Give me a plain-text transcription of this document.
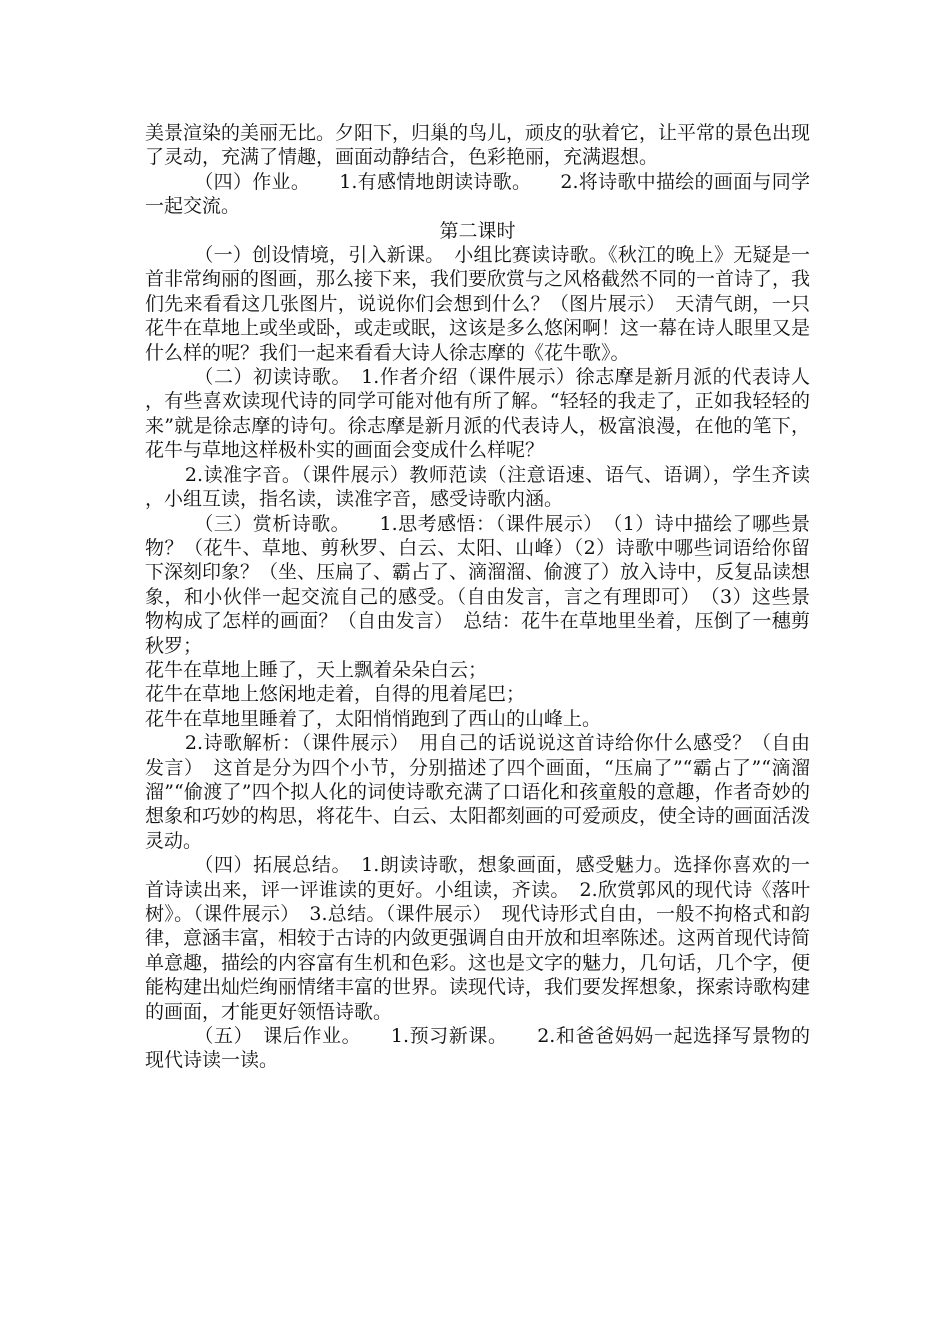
美景渲染的美丽无比。夕阳下，归巢的鸟儿，顽皮的驮着它，让平常的景色出现了灵动，充满了情趣，画面动静结合，色彩艳丽，充满遐想。

（四）作业。　　1.有感情地朗读诗歌。　　2.将诗歌中描绘的画面与同学一起交流。

第二课时

（一）创设情境，引入新课。　小组比赛读诗歌。《秋江的晚上》无疑是一首非常绚丽的图画，那么接下来，我们要欣赏与之风格截然不同的一首诗了，我们先来看看这几张图片，说说你们会想到什么？（图片展示）　天清气朗，一只花牛在草地上或坐或卧，或走或眠，这该是多么悠闲啊！这一幕在诗人眼里又是什么样的呢？我们一起来看看大诗人徐志摩的《花牛歌》。

（二）初读诗歌。　1.作者介绍（课件展示）徐志摩是新月派的代表诗人，有些喜欢读现代诗的同学可能对他有所了解。“轻轻的我走了，正如我轻轻的来”就是徐志摩的诗句。徐志摩是新月派的代表诗人，极富浪漫，在他的笔下，花牛与草地这样极朴实的画面会变成什么样呢？

2.读准字音。（课件展示）教师范读（注意语速、语气、语调），学生齐读，小组互读，指名读，读准字音，感受诗歌内涵。

（三）赏析诗歌。　　1.思考感悟：（课件展示）　（1）诗中描绘了哪些景物？（花牛、草地、剪秋罗、白云、太阳、山峰）（2）诗歌中哪些词语给你留下深刻印象？（坐、压扁了、霸占了、滴溜溜、偷渡了）放入诗中，反复品读想象，和小伙伴一起交流自己的感受。（自由发言，言之有理即可）　（3）这些景物构成了怎样的画面？（自由发言）　总结：花牛在草地里坐着，压倒了一穗剪秋罗；

花牛在草地上睡了，天上飘着朵朵白云；

花牛在草地上悠闲地走着，自得的甩着尾巴；

花牛在草地里睡着了，太阳悄悄跑到了西山的山峰上。

2.诗歌解析：（课件展示）　用自己的话说说这首诗给你什么感受？（自由发言）　这首是分为四个小节，分别描述了四个画面，“压扁了”“霸占了”“滴溜溜”“偷渡了”四个拟人化的词使诗歌充满了口语化和孩童般的意趣，作者奇妙的想象和巧妙的构思，将花牛、白云、太阳都刻画的可爱顽皮，使全诗的画面活泼灵动。

（四）拓展总结。　1.朗读诗歌，想象画面，感受魅力。选择你喜欢的一首诗读出来，评一评谁读的更好。小组读，齐读。　2.欣赏郭风的现代诗《落叶树》。（课件展示）　3.总结。（课件展示）　现代诗形式自由，一般不拘格式和韵律，意涵丰富，相较于古诗的内敛更强调自由开放和坦率陈述。这两首现代诗简单意趣，描绘的内容富有生机和色彩。这也是文字的魅力，几句话，几个字，便能构建出灿烂绚丽情绪丰富的世界。读现代诗，我们要发挥想象，探索诗歌构建的画面，才能更好领悟诗歌。

（五）　课后作业。　　1.预习新课。　　2.和爸爸妈妈一起选择写景物的现代诗读一读。
